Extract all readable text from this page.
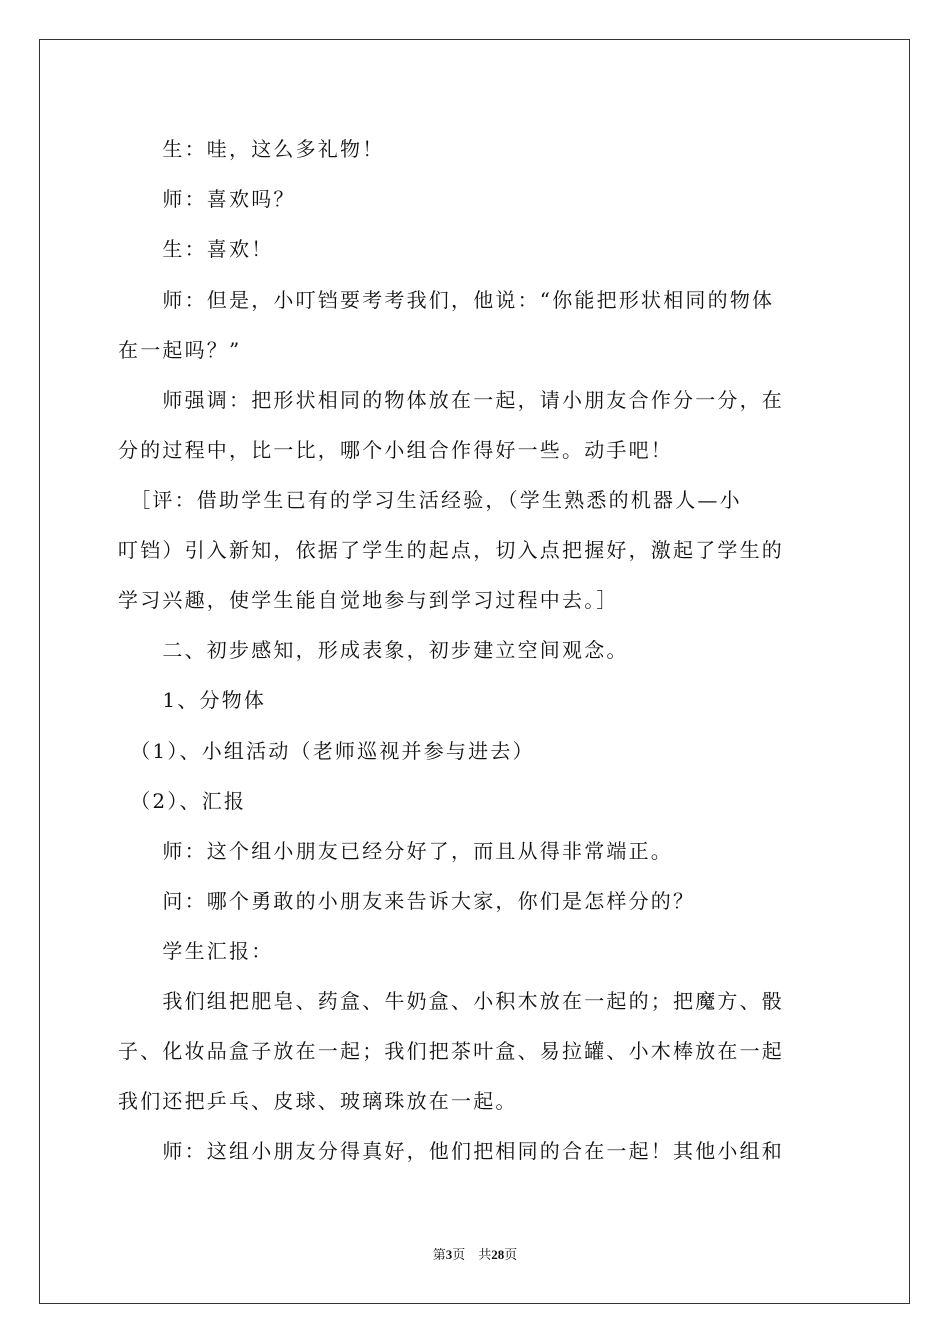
　　生：哇，这么多礼物！
　　师：喜欢吗？
　　生：喜欢！
　　师：但是，小叮铛要考考我们，他说：“你能把形状相同的物体
在一起吗？”
　　师强调：把形状相同的物体放在一起，请小朋友合作分一分，在
分的过程中，比一比，哪个小组合作得好一些。动手吧！
　［评：借助学生已有的学习生活经验，（学生熟悉的机器人—小
叮铛）引入新知，依据了学生的起点，切入点把握好，激起了学生的
学习兴趣，使学生能自觉地参与到学习过程中去。］
　　二、初步感知，形成表象，初步建立空间观念。
　　1、分物体
　（1）、小组活动（老师巡视并参与进去）
　（2）、汇报
　　师：这个组小朋友已经分好了，而且从得非常端正。
　　问：哪个勇敢的小朋友来告诉大家，你们是怎样分的？
　　学生汇报：
　　我们组把肥皂、药盒、牛奶盒、小积木放在一起的；把魔方、骰
子、化妆品盒子放在一起；我们把茶叶盒、易拉罐、小木棒放在一起
我们还把乒乓、皮球、玻璃珠放在一起。
　　师：这组小朋友分得真好，他们把相同的合在一起！其他小组和
第3页　共28页
